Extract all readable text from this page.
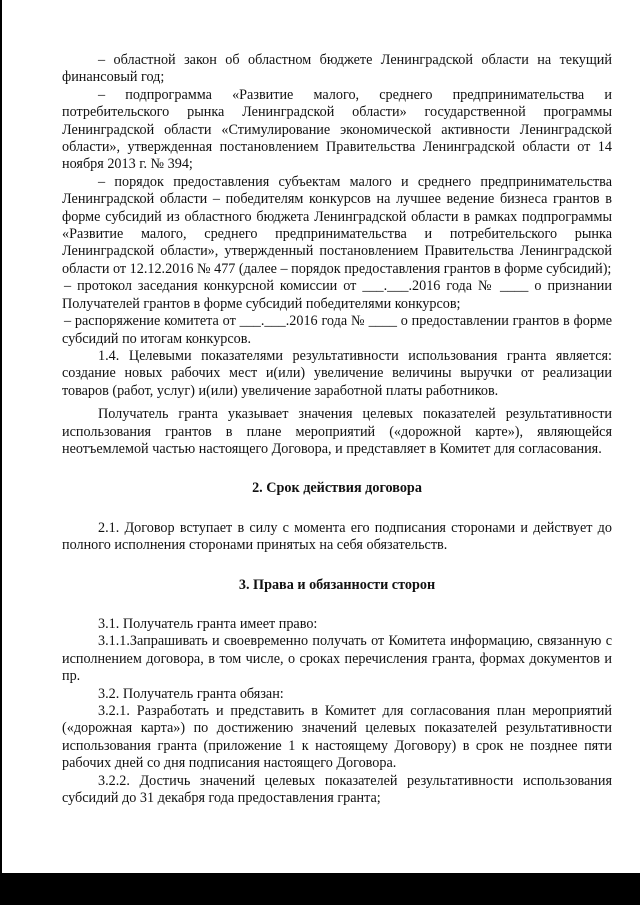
– областной закон об областном бюджете Ленинградской области на текущий финансовый год;

– подпрограмма «Развитие малого, среднего предпринимательства и потребительского рынка Ленинградской области» государственной программы Ленинградской области «Стимулирование экономической активности Ленинградской области», утвержденная постановлением Правительства Ленинградской области от 14 ноября 2013 г. № 394;

– порядок предоставления субъектам малого и среднего предпринимательства Ленинградской области – победителям конкурсов на лучшее ведение бизнеса грантов в форме субсидий из областного бюджета Ленинградской области в рамках подпрограммы «Развитие малого, среднего предпринимательства и потребительского рынка Ленинградской области», утвержденный постановлением Правительства Ленинградской области от 12.12.2016 № 477 (далее – порядок предоставления грантов в форме субсидий);

– протокол заседания конкурсной комиссии от ___.___.2016 года № ____ о признании Получателей грантов в форме субсидий победителями конкурсов;

– распоряжение комитета от ___.___.2016 года № ____ о предоставлении грантов в форме субсидий по итогам конкурсов.

1.4. Целевыми показателями результативности использования гранта является: создание новых рабочих мест и(или) увеличение величины выручки от реализации товаров (работ, услуг) и(или) увеличение заработной платы работников.

Получатель гранта указывает значения целевых показателей результативности использования грантов в плане мероприятий («дорожной карте»), являющейся неотъемлемой частью настоящего Договора, и представляет в Комитет для согласования.

2. Срок действия договора

2.1. Договор вступает в силу с момента его подписания сторонами и действует до полного исполнения сторонами принятых на себя обязательств.

3. Права и обязанности сторон

3.1. Получатель гранта имеет право:

3.1.1.Запрашивать и своевременно получать от Комитета информацию, связанную с исполнением договора, в том числе, о сроках перечисления гранта, формах документов и пр.

3.2. Получатель гранта обязан:

3.2.1. Разработать и представить в Комитет для согласования план мероприятий («дорожная карта») по достижению значений целевых показателей результативности использования гранта (приложение 1 к настоящему Договору) в срок не позднее пяти рабочих дней со дня подписания настоящего Договора.

3.2.2. Достичь значений целевых показателей результативности использования субсидий до 31 декабря года предоставления гранта;
